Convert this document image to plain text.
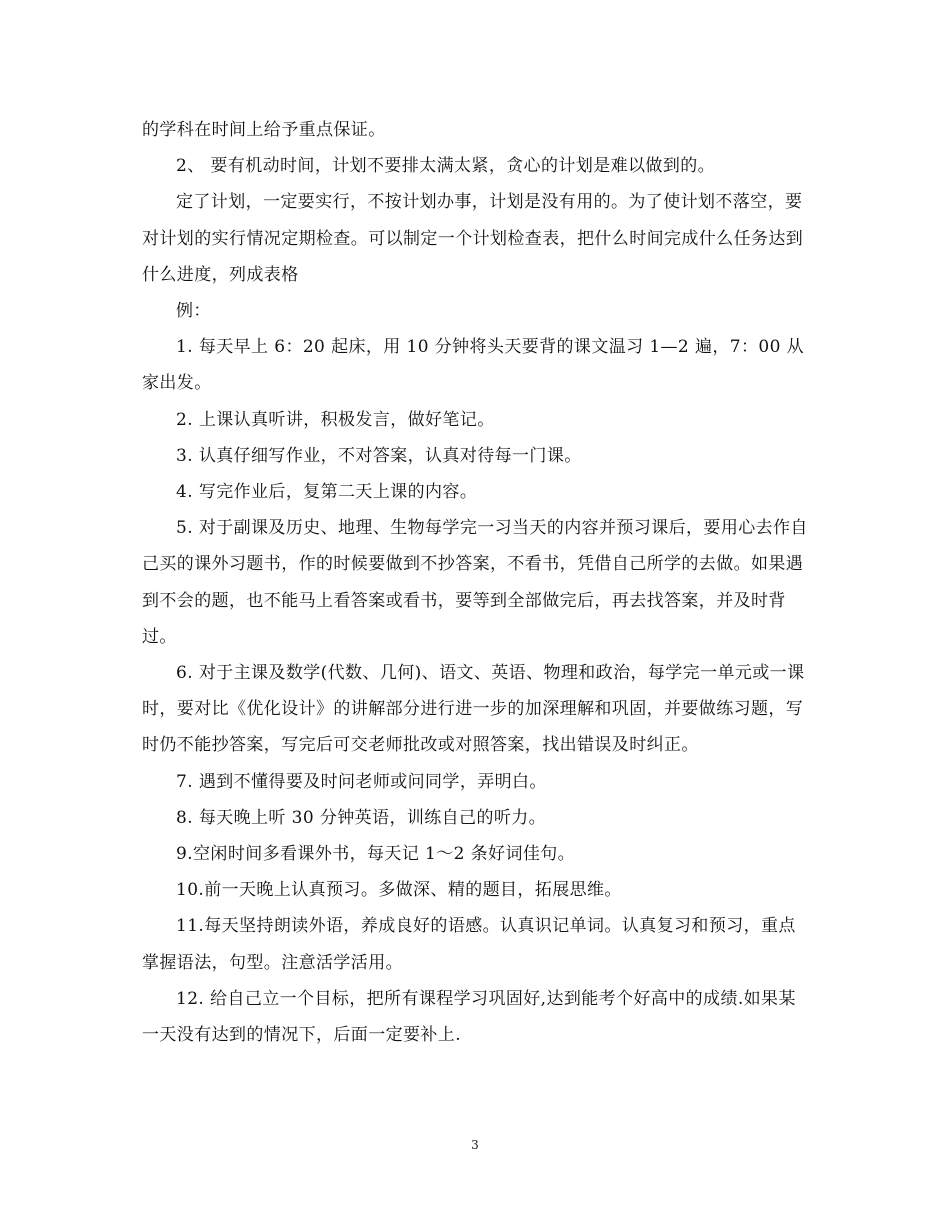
的学科在时间上给予重点保证。

2、 要有机动时间，计划不要排太满太紧，贪心的计划是难以做到的。

定了计划，一定要实行，不按计划办事，计划是没有用的。为了使计划不落空，要对计划的实行情况定期检查。可以制定一个计划检查表，把什么时间完成什么任务达到什么进度，列成表格

例：

1. 每天早上 6：20 起床，用 10 分钟将头天要背的课文温习 1—2 遍，7：00 从家出发。

2. 上课认真听讲，积极发言，做好笔记。

3. 认真仔细写作业，不对答案，认真对待每一门课。

4. 写完作业后，复第二天上课的内容。

5. 对于副课及历史、地理、生物每学完一习当天的内容并预习课后，要用心去作自己买的课外习题书，作的时候要做到不抄答案，不看书，凭借自己所学的去做。如果遇到不会的题，也不能马上看答案或看书，要等到全部做完后，再去找答案，并及时背过。

6. 对于主课及数学(代数、几何)、语文、英语、物理和政治，每学完一单元或一课时，要对比《优化设计》的讲解部分进行进一步的加深理解和巩固，并要做练习题，写时仍不能抄答案，写完后可交老师批改或对照答案，找出错误及时纠正。

7. 遇到不懂得要及时问老师或问同学，弄明白。

8. 每天晚上听 30 分钟英语，训练自己的听力。

9.空闲时间多看课外书，每天记 1～2 条好词佳句。

10.前一天晚上认真预习。多做深、精的题目，拓展思维。

11.每天坚持朗读外语，养成良好的语感。认真识记单词。认真复习和预习，重点掌握语法，句型。注意活学活用。

12. 给自己立一个目标，把所有课程学习巩固好,达到能考个好高中的成绩.如果某一天没有达到的情况下，后面一定要补上.

3
